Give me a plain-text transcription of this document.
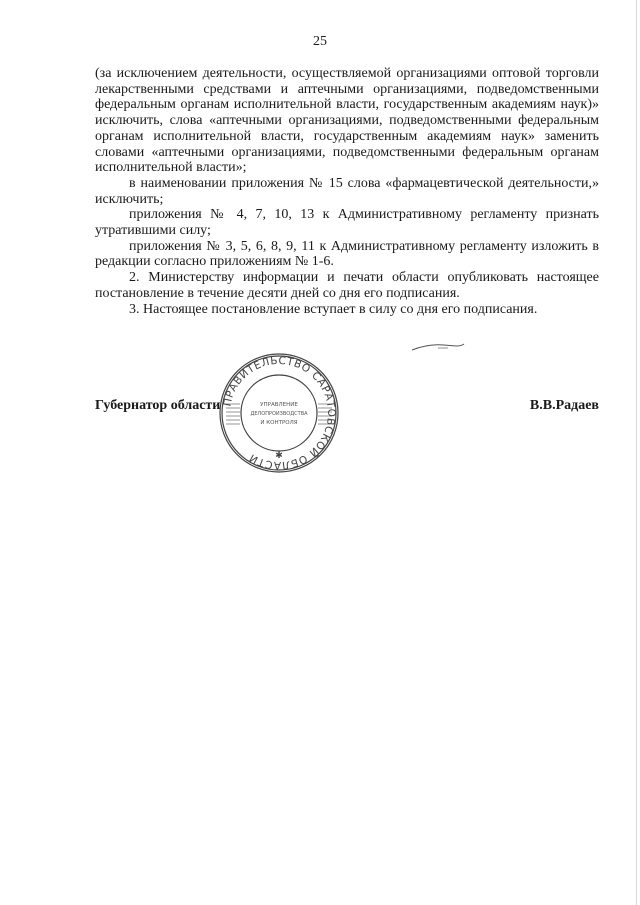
25

(за исключением деятельности, осуществляемой организациями оптовой торговли лекарственными средствами и аптечными организациями, подведомственными федеральным органам исполнительной власти, государственным академиям наук)» исключить, слова «аптечными организациями, подведомственными федеральным органам исполнительной власти, государственным академиям наук» заменить словами «аптечными организациями, подведомственными федеральным органам исполнительной власти»;

в наименовании приложения № 15 слова «фармацевтической деятельности,» исключить;

приложения № 4, 7, 10, 13 к Административному регламенту признать утратившими силу;

приложения № 3, 5, 6, 8, 9, 11 к Административному регламенту изложить в редакции согласно приложениям № 1-6.

2. Министерству информации и печати области опубликовать настоящее постановление в течение десяти дней со дня его подписания.

3. Настоящее постановление вступает в силу со дня его подписания.

Губернатор области	В.В.Радаев
ПРАВИТЕЛЬСТВО САРАТОВСКОЙ ОБЛАСТИ
УПРАВЛЕНИЕ
ДЕЛОПРОИЗВОДСТВА
И КОНТРОЛЯ
✱
